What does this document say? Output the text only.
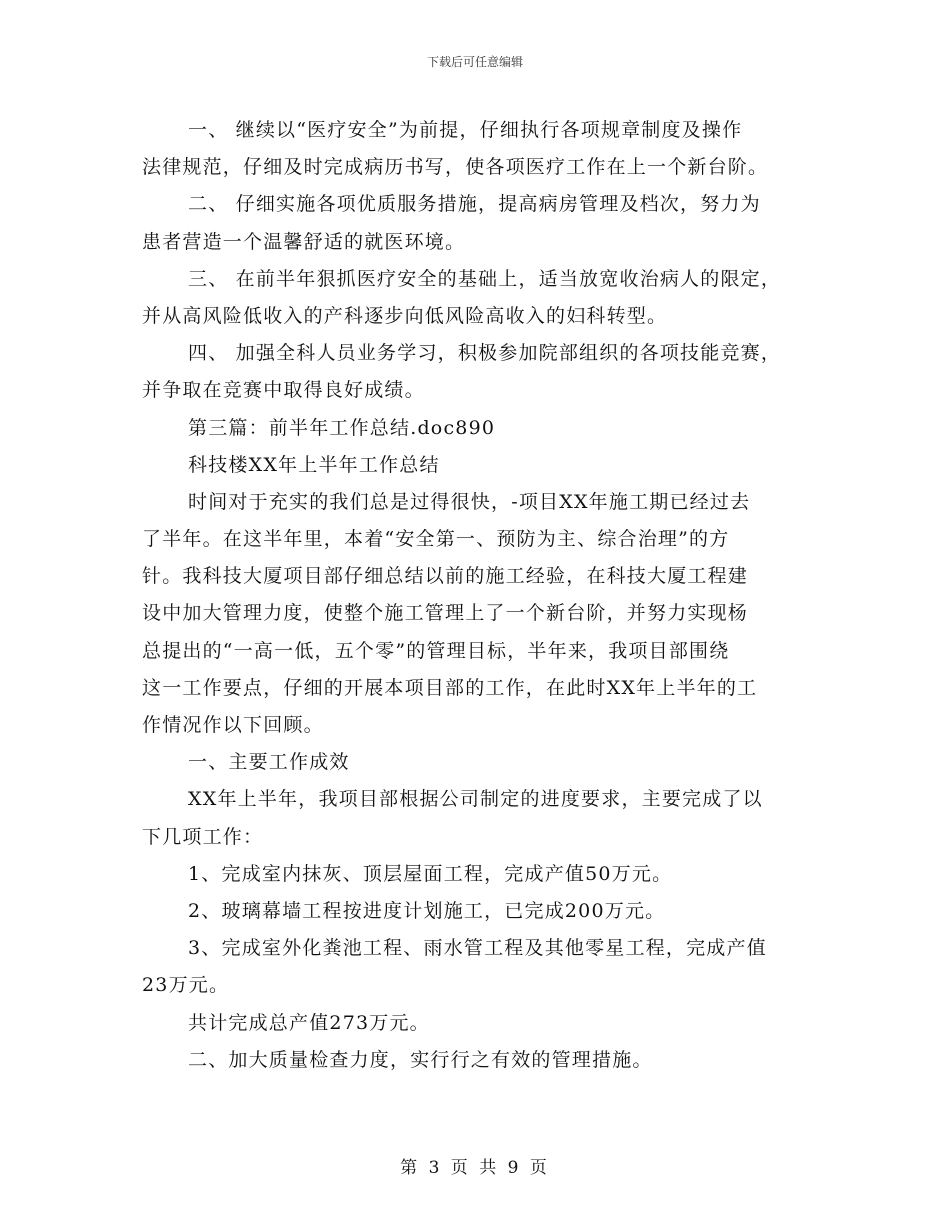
下载后可任意编辑
一、 继续以“医疗安全”为前提，仔细执行各项规章制度及操作
法律规范，仔细及时完成病历书写，使各项医疗工作在上一个新台阶。
二、 仔细实施各项优质服务措施，提高病房管理及档次，努力为
患者营造一个温馨舒适的就医环境。
三、 在前半年狠抓医疗安全的基础上，适当放宽收治病人的限定，
并从高风险低收入的产科逐步向低风险高收入的妇科转型。
四、 加强全科人员业务学习，积极参加院部组织的各项技能竞赛，
并争取在竞赛中取得良好成绩。
第三篇：前半年工作总结.doc890
科技楼XX年上半年工作总结
时间对于充实的我们总是过得很快，-项目XX年施工期已经过去
了半年。在这半年里，本着“安全第一、预防为主、综合治理”的方
针。我科技大厦项目部仔细总结以前的施工经验，在科技大厦工程建
设中加大管理力度，使整个施工管理上了一个新台阶，并努力实现杨
总提出的“一高一低，五个零”的管理目标，半年来，我项目部围绕
这一工作要点，仔细的开展本项目部的工作，在此时XX年上半年的工
作情况作以下回顾。
一、主要工作成效
XX年上半年，我项目部根据公司制定的进度要求，主要完成了以
下几项工作：
1、完成室内抹灰、顶层屋面工程，完成产值50万元。
2、玻璃幕墙工程按进度计划施工，已完成200万元。
3、完成室外化粪池工程、雨水管工程及其他零星工程，完成产值
23万元。
共计完成总产值273万元。
二、加大质量检查力度，实行行之有效的管理措施。
第 3 页 共 9 页
